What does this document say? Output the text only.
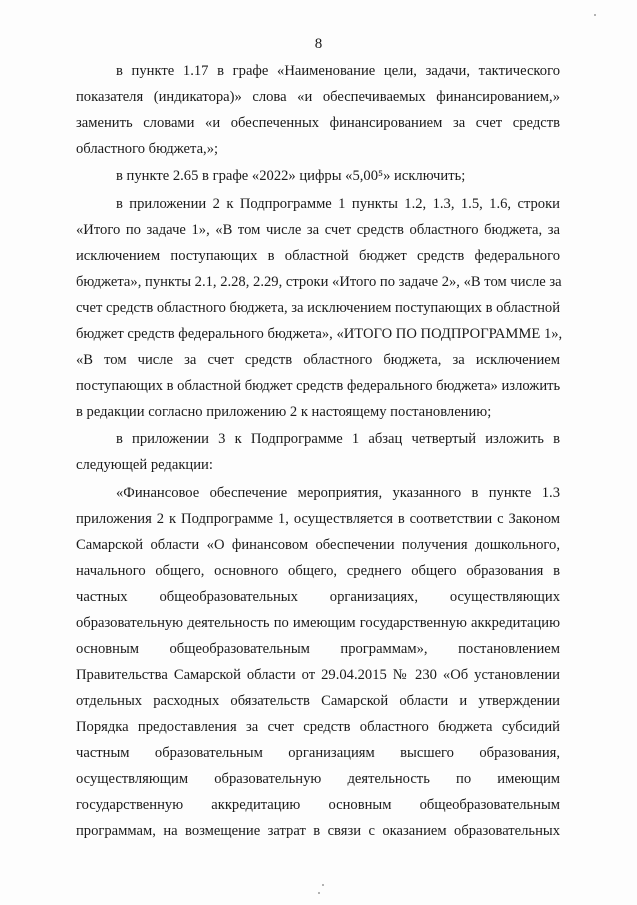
8
в пункте 1.17 в графе «Наименование цели, задачи, тактического
показателя (индикатора)» слова «и обеспечиваемых финансированием,»
заменить словами «и обеспеченных финансированием за счет средств
областного бюджета,»;
в пункте 2.65 в графе «2022» цифры «5,00⁵» исключить;
в приложении 2 к Подпрограмме 1 пункты 1.2, 1.3, 1.5, 1.6, строки
«Итого по задаче 1», «В том числе за счет средств областного бюджета, за
исключением поступающих в областной бюджет средств федерального
бюджета», пункты 2.1, 2.28, 2.29, строки «Итого по задаче 2», «В том числе за
счет средств областного бюджета, за исключением поступающих в областной
бюджет средств федерального бюджета», «ИТОГО ПО ПОДПРОГРАММЕ 1»,
«В том числе за счет средств областного бюджета, за исключением
поступающих в областной бюджет средств федерального бюджета» изложить
в редакции согласно приложению 2 к настоящему постановлению;
в приложении 3 к Подпрограмме 1 абзац четвертый изложить в
следующей редакции:
«Финансовое обеспечение мероприятия, указанного в пункте 1.3
приложения 2 к Подпрограмме 1, осуществляется в соответствии с Законом
Самарской области «О финансовом обеспечении получения дошкольного,
начального общего, основного общего, среднего общего образования в
частных общеобразовательных организациях, осуществляющих
образовательную деятельность по имеющим государственную аккредитацию
основным общеобразовательным программам», постановлением
Правительства Самарской области от 29.04.2015 № 230 «Об установлении
отдельных расходных обязательств Самарской области и утверждении
Порядка предоставления за счет средств областного бюджета субсидий
частным образовательным организациям высшего образования,
осуществляющим образовательную деятельность по имеющим
государственную аккредитацию основным общеобразовательным
программам, на возмещение затрат в связи с оказанием образовательных
